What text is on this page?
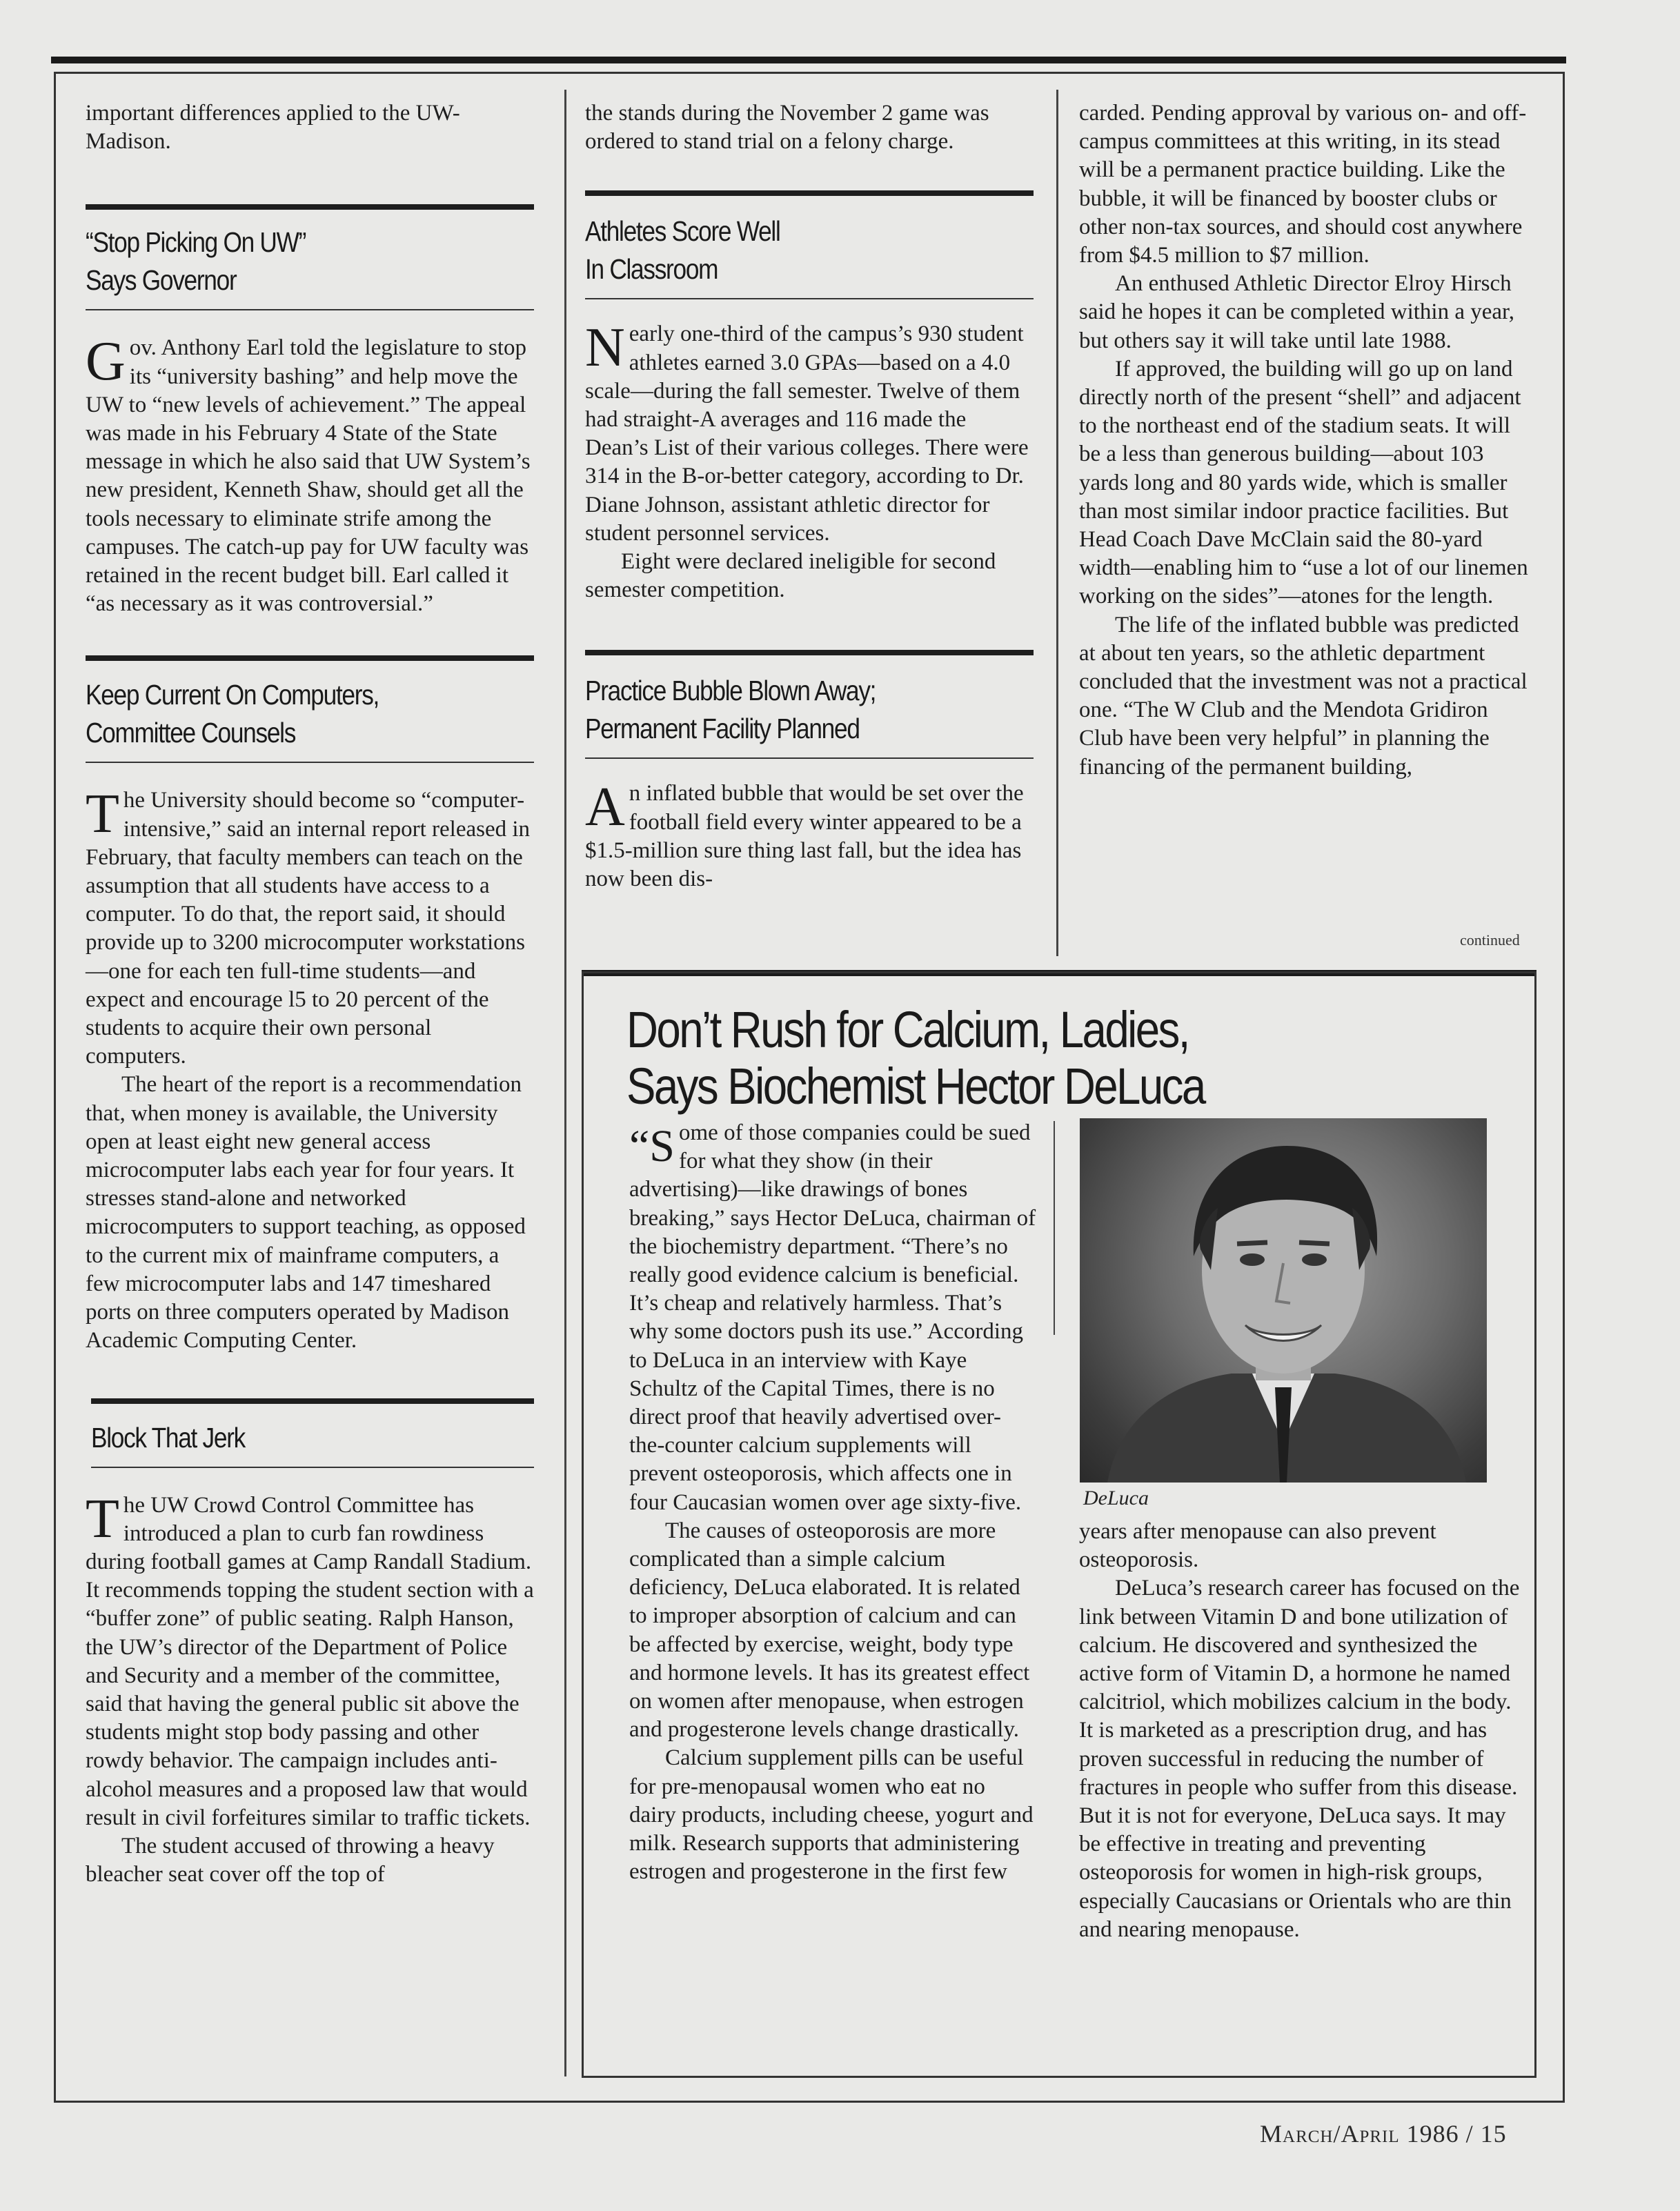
important differences applied to the UW-Madison.

“Stop Picking On UW”
Says Governor
G ov. Anthony Earl told the legislature to stop its “university bashing” and help move the UW to “new levels of achievement.” The appeal was made in his February 4 State of the State message in which he also said that UW System’s new president, Kenneth Shaw, should get all the tools necessary to eliminate strife among the campuses. The catch-up pay for UW faculty was retained in the recent budget bill. Earl called it “as necessary as it was controversial.”

Keep Current On Computers,
Committee Counsels
T he University should become so “computer-intensive,” said an internal report released in February, that faculty members can teach on the assumption that all students have access to a computer. To do that, the report said, it should provide up to 3200 microcomputer workstations—one for each ten full-time students—and expect and encourage l5 to 20 percent of the students to acquire their own personal computers.

The heart of the report is a recommendation that, when money is available, the University open at least eight new general access microcomputer labs each year for four years. It stresses stand-alone and networked microcomputers to support teaching, as opposed to the current mix of mainframe computers, a few microcomputer labs and 147 timeshared ports on three computers operated by Madison Academic Computing Center.

Block That Jerk
T he UW Crowd Control Committee has introduced a plan to curb fan rowdiness during football games at Camp Randall Stadium. It recommends topping the student section with a “buffer zone” of public seating. Ralph Hanson, the UW’s director of the Department of Police and Security and a member of the committee, said that having the general public sit above the students might stop body passing and other rowdy behavior. The campaign includes anti-alcohol measures and a proposed law that would result in civil forfeitures similar to traffic tickets.

The student accused of throwing a heavy bleacher seat cover off the top of

the stands during the November 2 game was ordered to stand trial on a felony charge.

Athletes Score Well
In Classroom
N early one-third of the campus’s 930 student athletes earned 3.0 GPAs—based on a 4.0 scale—during the fall semester. Twelve of them had straight-A averages and 116 made the Dean’s List of their various colleges. There were 314 in the B-or-better category, according to Dr. Diane Johnson, assistant athletic director for student personnel services.

Eight were declared ineligible for second semester competition.

Practice Bubble Blown Away;
Permanent Facility Planned
A n inflated bubble that would be set over the football field every winter appeared to be a $1.5-million sure thing last fall, but the idea has now been dis-

carded. Pending approval by various on- and off-campus committees at this writing, in its stead will be a permanent practice building. Like the bubble, it will be financed by booster clubs or other non-tax sources, and should cost anywhere from $4.5 million to $7 million.

An enthused Athletic Director Elroy Hirsch said he hopes it can be completed within a year, but others say it will take until late 1988.

If approved, the building will go up on land directly north of the present “shell” and adjacent to the northeast end of the stadium seats. It will be a less than generous building—about 103 yards long and 80 yards wide, which is smaller than most similar indoor practice facilities. But Head Coach Dave McClain said the 80-yard width—enabling him to “use a lot of our linemen working on the sides”—atones for the length.

The life of the inflated bubble was predicted at about ten years, so the athletic department concluded that the investment was not a practical one. “The W Club and the Mendota Gridiron Club have been very helpful” in planning the financing of the permanent building,

continued
Don’t Rush for Calcium, Ladies,
Says Biochemist Hector DeLuca
“S ome of those companies could be sued for what they show (in their advertising)—like drawings of bones breaking,” says Hector DeLuca, chairman of the biochemistry department. “There’s no really good evidence calcium is beneficial. It’s cheap and relatively harmless. That’s why some doctors push its use.” According to DeLuca in an interview with Kaye Schultz of the Capital Times, there is no direct proof that heavily advertised over-the-counter calcium supplements will prevent osteoporosis, which affects one in four Caucasian women over age sixty-five.

The causes of osteoporosis are more complicated than a simple calcium deficiency, DeLuca elaborated. It is related to improper absorption of calcium and can be affected by exercise, weight, body type and hormone levels. It has its greatest effect on women after menopause, when estrogen and progesterone levels change drastically.

Calcium supplement pills can be useful for pre-menopausal women who eat no dairy products, including cheese, yogurt and milk. Research supports that administering estrogen and progesterone in the first few

DeLuca

years after menopause can also prevent osteoporosis.

DeLuca’s research career has focused on the link between Vitamin D and bone utilization of calcium. He discovered and synthesized the active form of Vitamin D, a hormone he named calcitriol, which mobilizes calcium in the body. It is marketed as a prescription drug, and has proven successful in reducing the number of fractures in people who suffer from this disease. But it is not for everyone, DeLuca says. It may be effective in treating and preventing osteoporosis for women in high-risk groups, especially Caucasians or Orientals who are thin and nearing menopause.

March/April 1986 / 15
